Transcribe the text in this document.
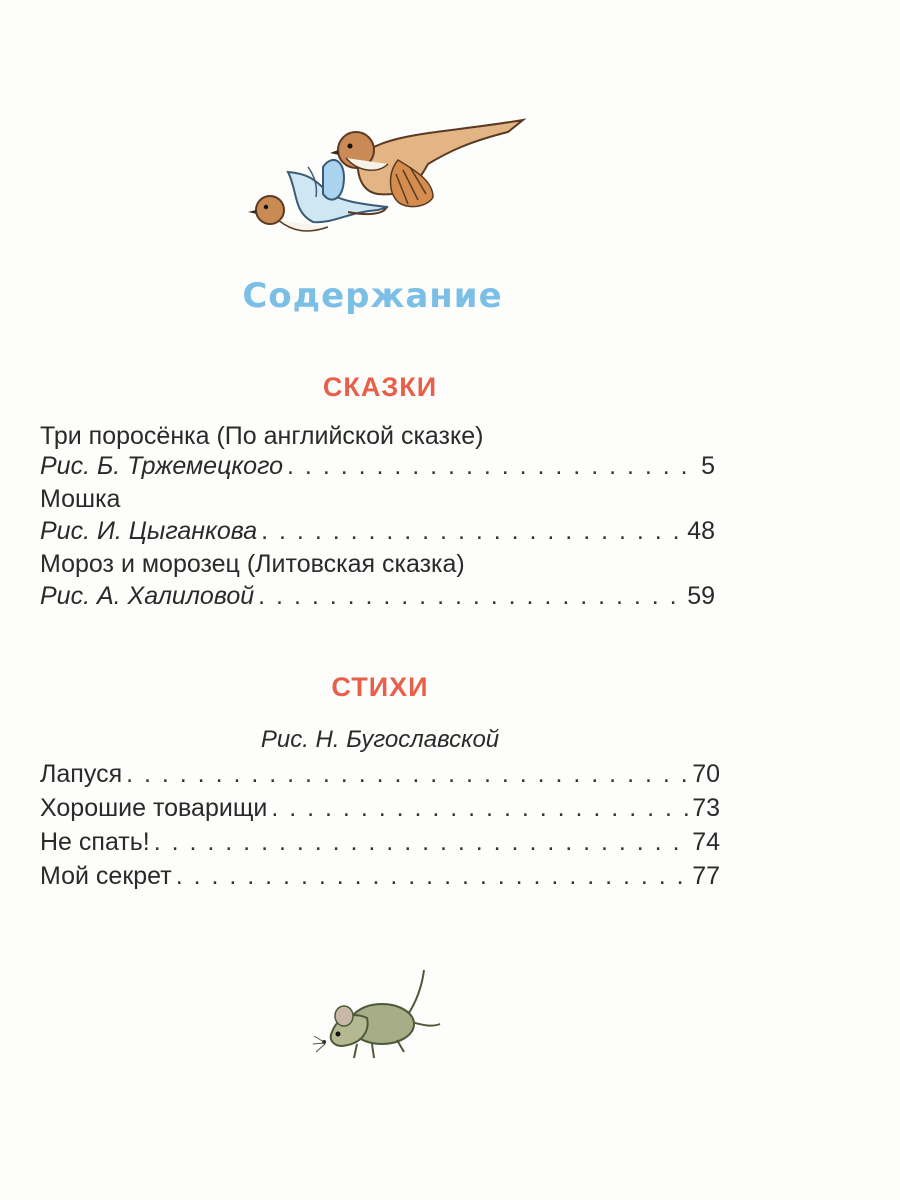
Содержание
СКАЗКИ
Три поросёнка (По английской сказке)
Рис. Б. Тржемецкого . . .	5
Мошка
Рис. И. Цыганкова . . .	48
Мороз и морозец (Литовская сказка)
Рис. А. Халиловой . . .	59
СТИХИ
Рис. Н. Бугославской
Лапуся . . .	70
Хорошие товарищи . . .	73
Не спать! . . .	74
Мой секрет . . .	77
